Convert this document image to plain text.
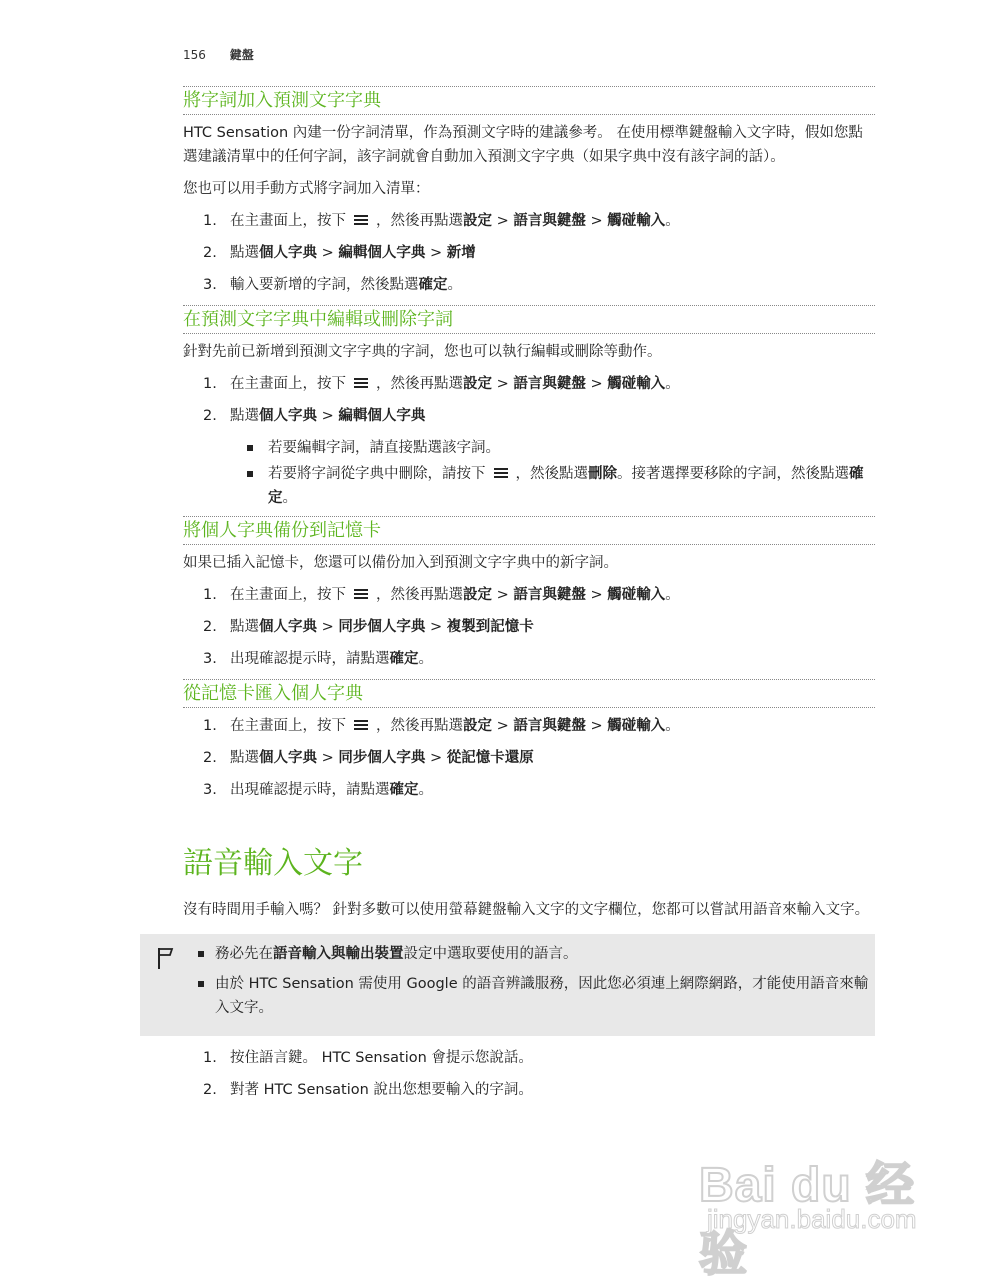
156 鍵盤
將字詞加入預測文字字典

HTC Sensation 內建一份字詞清單，作為預測文字時的建議參考。 在使用標準鍵盤輸入文字時，假如您點選建議清單中的任何字詞，該字詞就會自動加入預測文字字典（如果字典中沒有該字詞的話）。

您也可以用手動方式將字詞加入清單：

1. 在主畫面上，按下 ，然後再點選設定 > 語言與鍵盤 > 觸碰輸入。
2. 點選個人字典 > 編輯個人字典 > 新增
3. 輸入要新增的字詞，然後點選確定。
在預測文字字典中編輯或刪除字詞

針對先前已新增到預測文字字典的字詞，您也可以執行編輯或刪除等動作。

1. 在主畫面上，按下 ，然後再點選設定 > 語言與鍵盤 > 觸碰輸入。
2. 點選個人字典 > 編輯個人字典
若要編輯字詞，請直接點選該字詞。
若要將字詞從字典中刪除，請按下 ，然後點選刪除。接著選擇要移除的字詞，然後點選確定。
將個人字典備份到記憶卡

如果已插入記憶卡，您還可以備份加入到預測文字字典中的新字詞。

1. 在主畫面上，按下 ，然後再點選設定 > 語言與鍵盤 > 觸碰輸入。
2. 點選個人字典 > 同步個人字典 > 複製到記憶卡
3. 出現確認提示時，請點選確定。
從記憶卡匯入個人字典
1. 在主畫面上，按下 ，然後再點選設定 > 語言與鍵盤 > 觸碰輸入。
2. 點選個人字典 > 同步個人字典 > 從記憶卡還原
3. 出現確認提示時，請點選確定。
語音輸入文字

沒有時間用手輸入嗎？ 針對多數可以使用螢幕鍵盤輸入文字的文字欄位，您都可以嘗試用語音來輸入文字。

務必先在語音輸入與輸出裝置設定中選取要使用的語言。
由於 HTC Sensation 需使用 Google 的語音辨識服務，因此您必須連上網際網路，才能使用語音來輸入文字。
1. 按住語言鍵。 HTC Sensation 會提示您說話。
2. 對著 HTC Sensation 說出您想要輸入的字詞。
Bai du 经验
jingyan.baidu.com
